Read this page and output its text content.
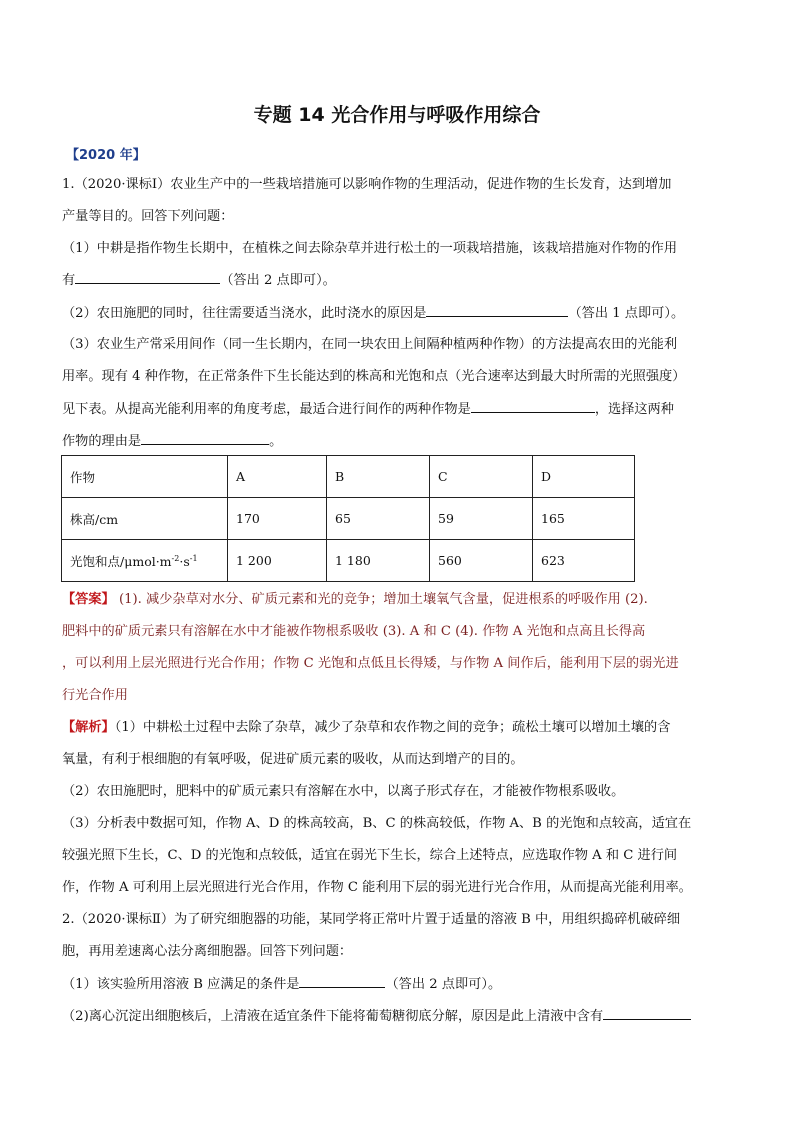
专题 14 光合作用与呼吸作用综合
【2020 年】
1.（2020·课标Ⅰ）农业生产中的一些栽培措施可以影响作物的生理活动，促进作物的生长发育，达到增加
产量等目的。回答下列问题：
（1）中耕是指作物生长期中，在植株之间去除杂草并进行松土的一项栽培措施，该栽培措施对作物的作用
有	（答出 2 点即可）。
（2）农田施肥的同时，往往需要适当浇水，此时浇水的原因是	（答出 1 点即可）。
（3）农业生产常采用间作（同一生长期内，在同一块农田上间隔种植两种作物）的方法提高农田的光能利
用率。现有 4 种作物，在正常条件下生长能达到的株高和光饱和点（光合速率达到最大时所需的光照强度）
见下表。从提高光能利用率的角度考虑，最适合进行间作的两种作物是	，选择这两种
作物的理由是	。
作物	A	B	C	D
株高/cm	170	65	59	165
光饱和点$/\mu mol\cdot m^{-2}\cdot s^{-1}$	1 200	1 180	560	623
【答案】 (1). 减少杂草对水分、矿质元素和光的竞争；增加土壤氧气含量，促进根系的呼吸作用 (2).
肥料中的矿质元素只有溶解在水中才能被作物根系吸收 (3). A 和 C (4). 作物 A 光饱和点高且长得高
，可以利用上层光照进行光合作用；作物 C 光饱和点低且长得矮，与作物 A 间作后，能利用下层的弱光进
行光合作用
【解析】（1）中耕松土过程中去除了杂草，减少了杂草和农作物之间的竞争；疏松土壤可以增加土壤的含
氧量，有利于根细胞的有氧呼吸，促进矿质元素的吸收，从而达到增产的目的。
（2）农田施肥时，肥料中的矿质元素只有溶解在水中，以离子形式存在，才能被作物根系吸收。
（3）分析表中数据可知，作物 A、D 的株高较高，B、C 的株高较低，作物 A、B 的光饱和点较高，适宜在
较强光照下生长，C、D 的光饱和点较低，适宜在弱光下生长，综合上述特点，应选取作物 A 和 C 进行间
作，作物 A 可利用上层光照进行光合作用，作物 C 能利用下层的弱光进行光合作用，从而提高光能利用率。
2.（2020·课标Ⅱ）为了研究细胞器的功能，某同学将正常叶片置于适量的溶液 B 中，用组织捣碎机破碎细
胞，再用差速离心法分离细胞器。回答下列问题：
（1）该实验所用溶液 B 应满足的条件是	（答出 2 点即可）。
（2)离心沉淀出细胞核后，上清液在适宜条件下能将葡萄糖彻底分解，原因是此上清液中含有
